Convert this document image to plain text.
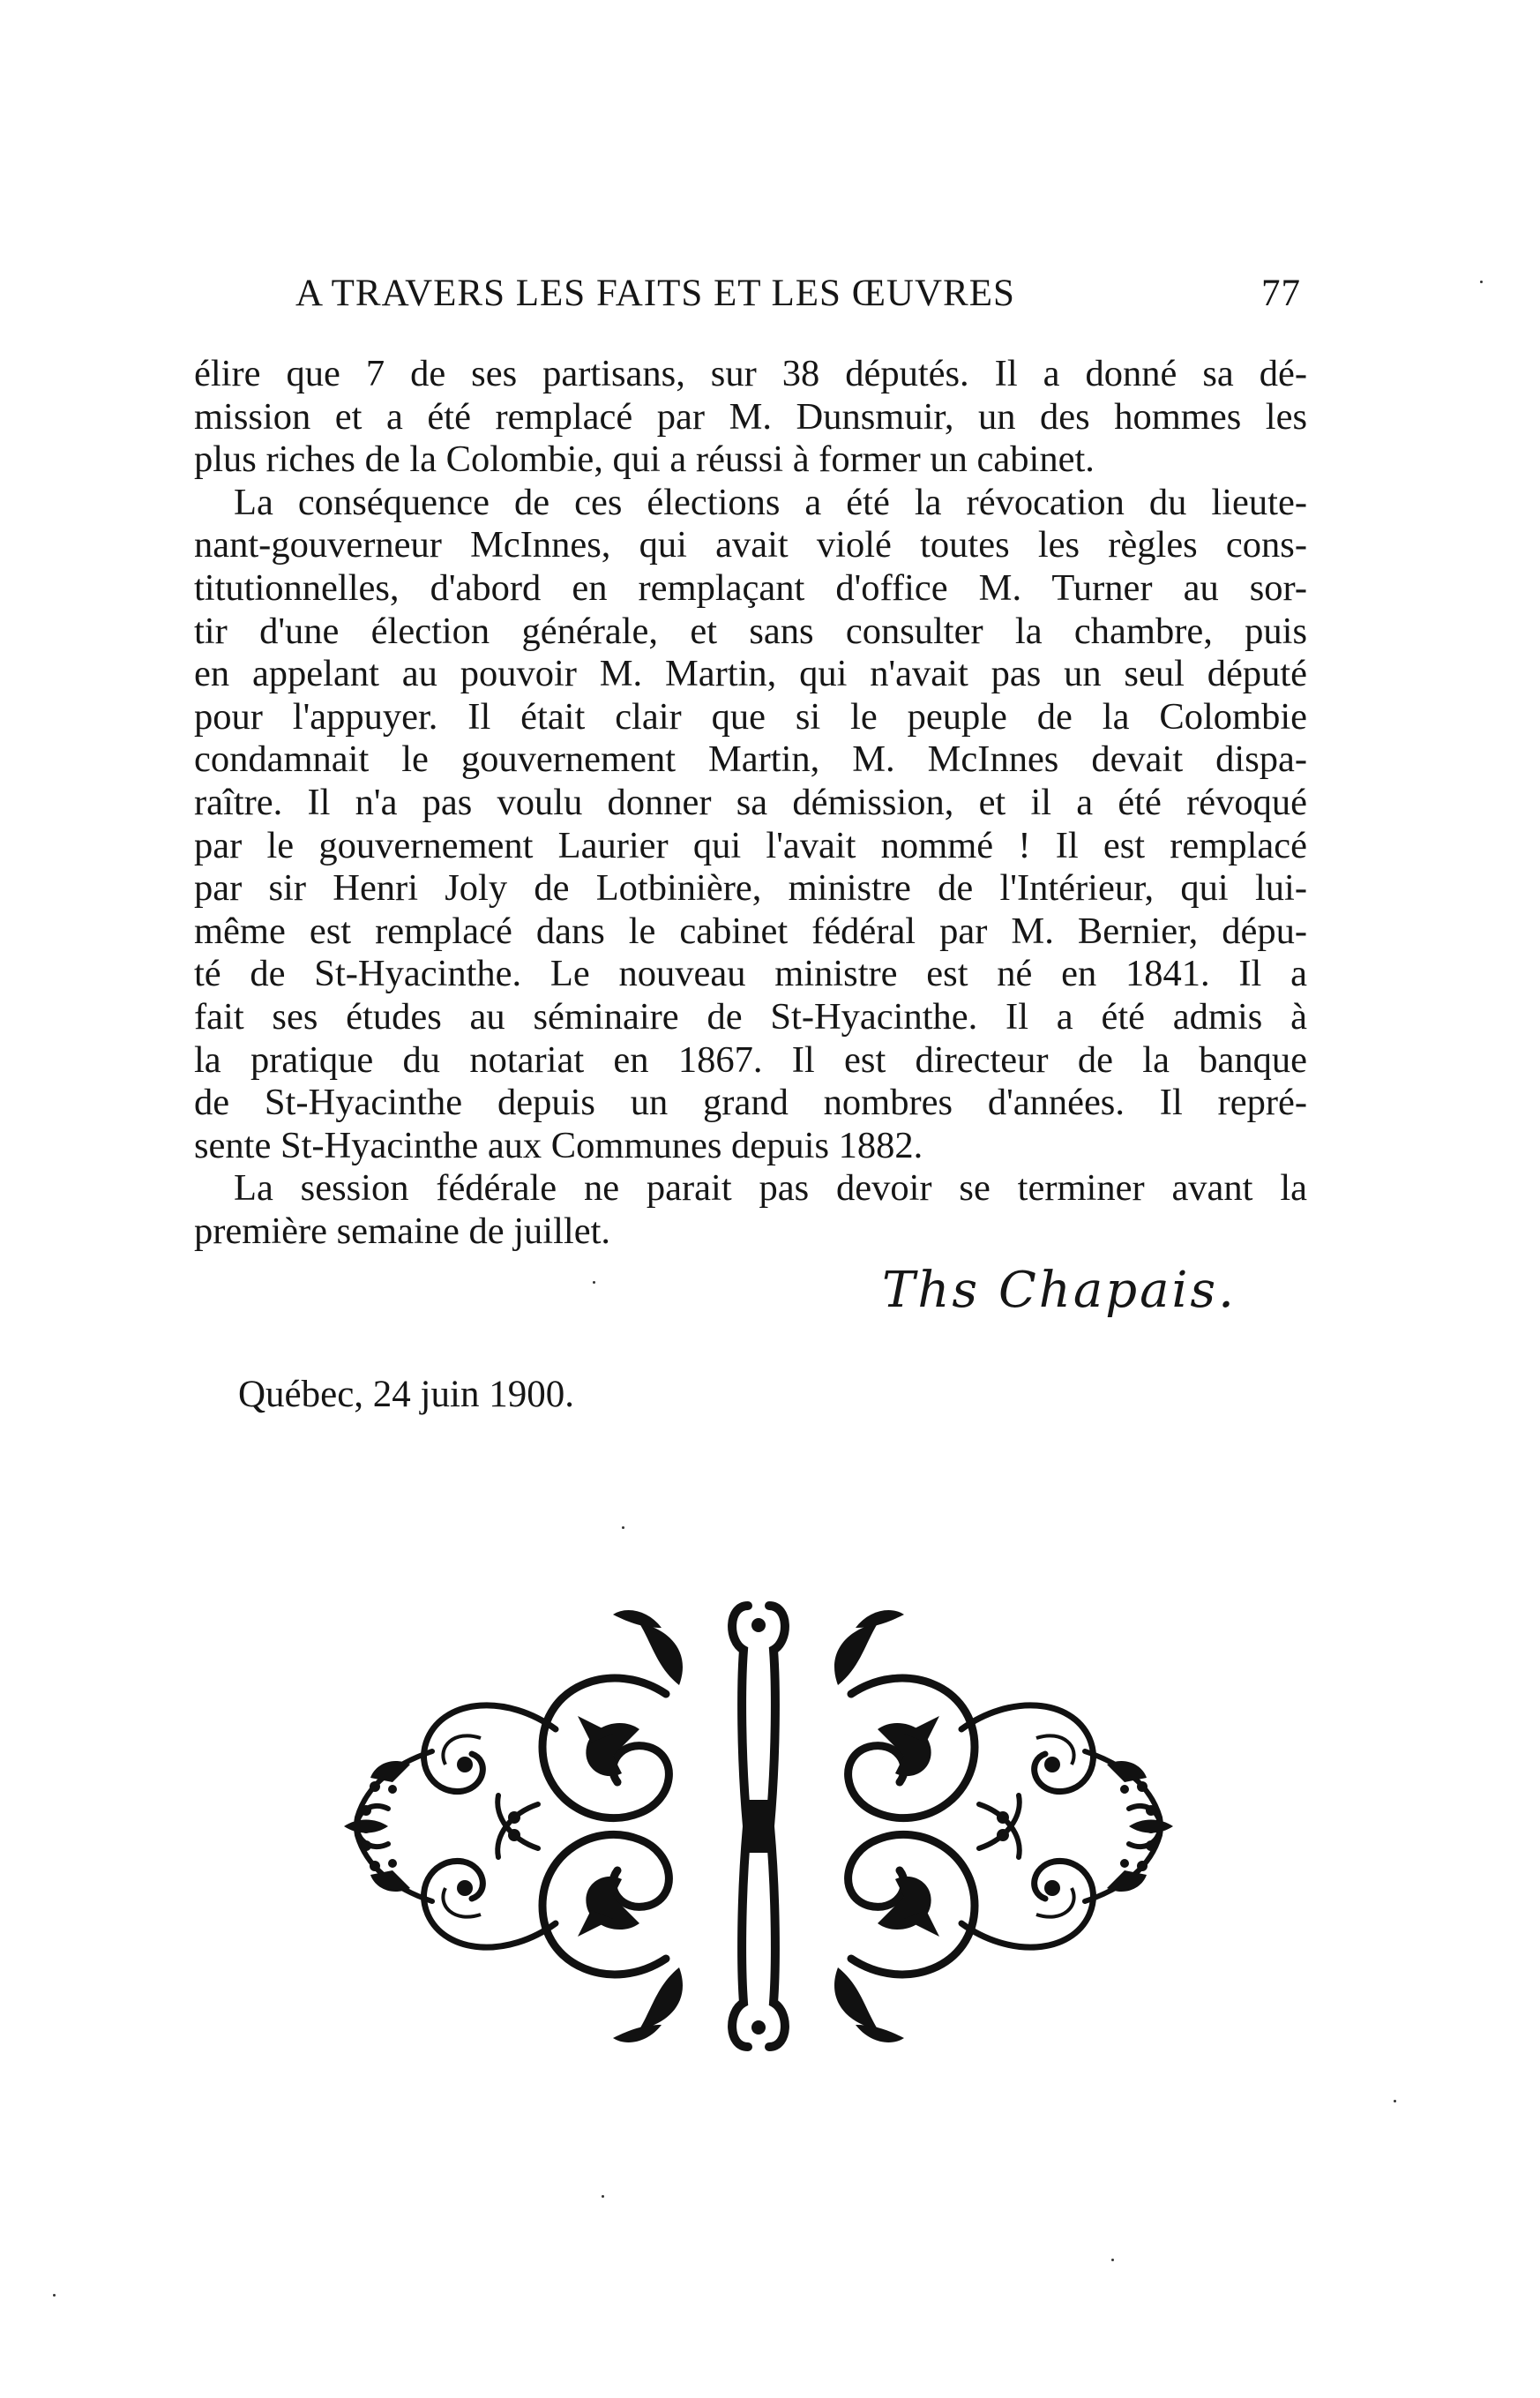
A TRAVERS LES FAITS ET LES ŒUVRES	77
élire que 7 de ses partisans, sur 38 députés. Il a donné sa dé-
mission et a été remplacé par M. Dunsmuir, un des hommes les
plus riches de la Colombie, qui a réussi à former un cabinet.
La conséquence de ces élections a été la révocation du lieute-
nant-gouverneur McInnes, qui avait violé toutes les règles cons-
titutionnelles, d'abord en remplaçant d'office M. Turner au sor-
tir d'une élection générale, et sans consulter la chambre, puis
en appelant au pouvoir M. Martin, qui n'avait pas un seul député
pour l'appuyer. Il était clair que si le peuple de la Colombie
condamnait le gouvernement Martin, M. McInnes devait dispa-
raître. Il n'a pas voulu donner sa démission, et il a été révoqué
par le gouvernement Laurier qui l'avait nommé ! Il est remplacé
par sir Henri Joly de Lotbinière, ministre de l'Intérieur, qui lui-
même est remplacé dans le cabinet fédéral par M. Bernier, dépu-
té de St-Hyacinthe. Le nouveau ministre est né en 1841. Il a
fait ses études au séminaire de St-Hyacinthe. Il a été admis à
la pratique du notariat en 1867. Il est directeur de la banque
de St-Hyacinthe depuis un grand nombres d'années. Il repré-
sente St-Hyacinthe aux Communes depuis 1882.
La session fédérale ne parait pas devoir se terminer avant la
première semaine de juillet.
Ths Chapais.
Québec, 24 juin 1900.
